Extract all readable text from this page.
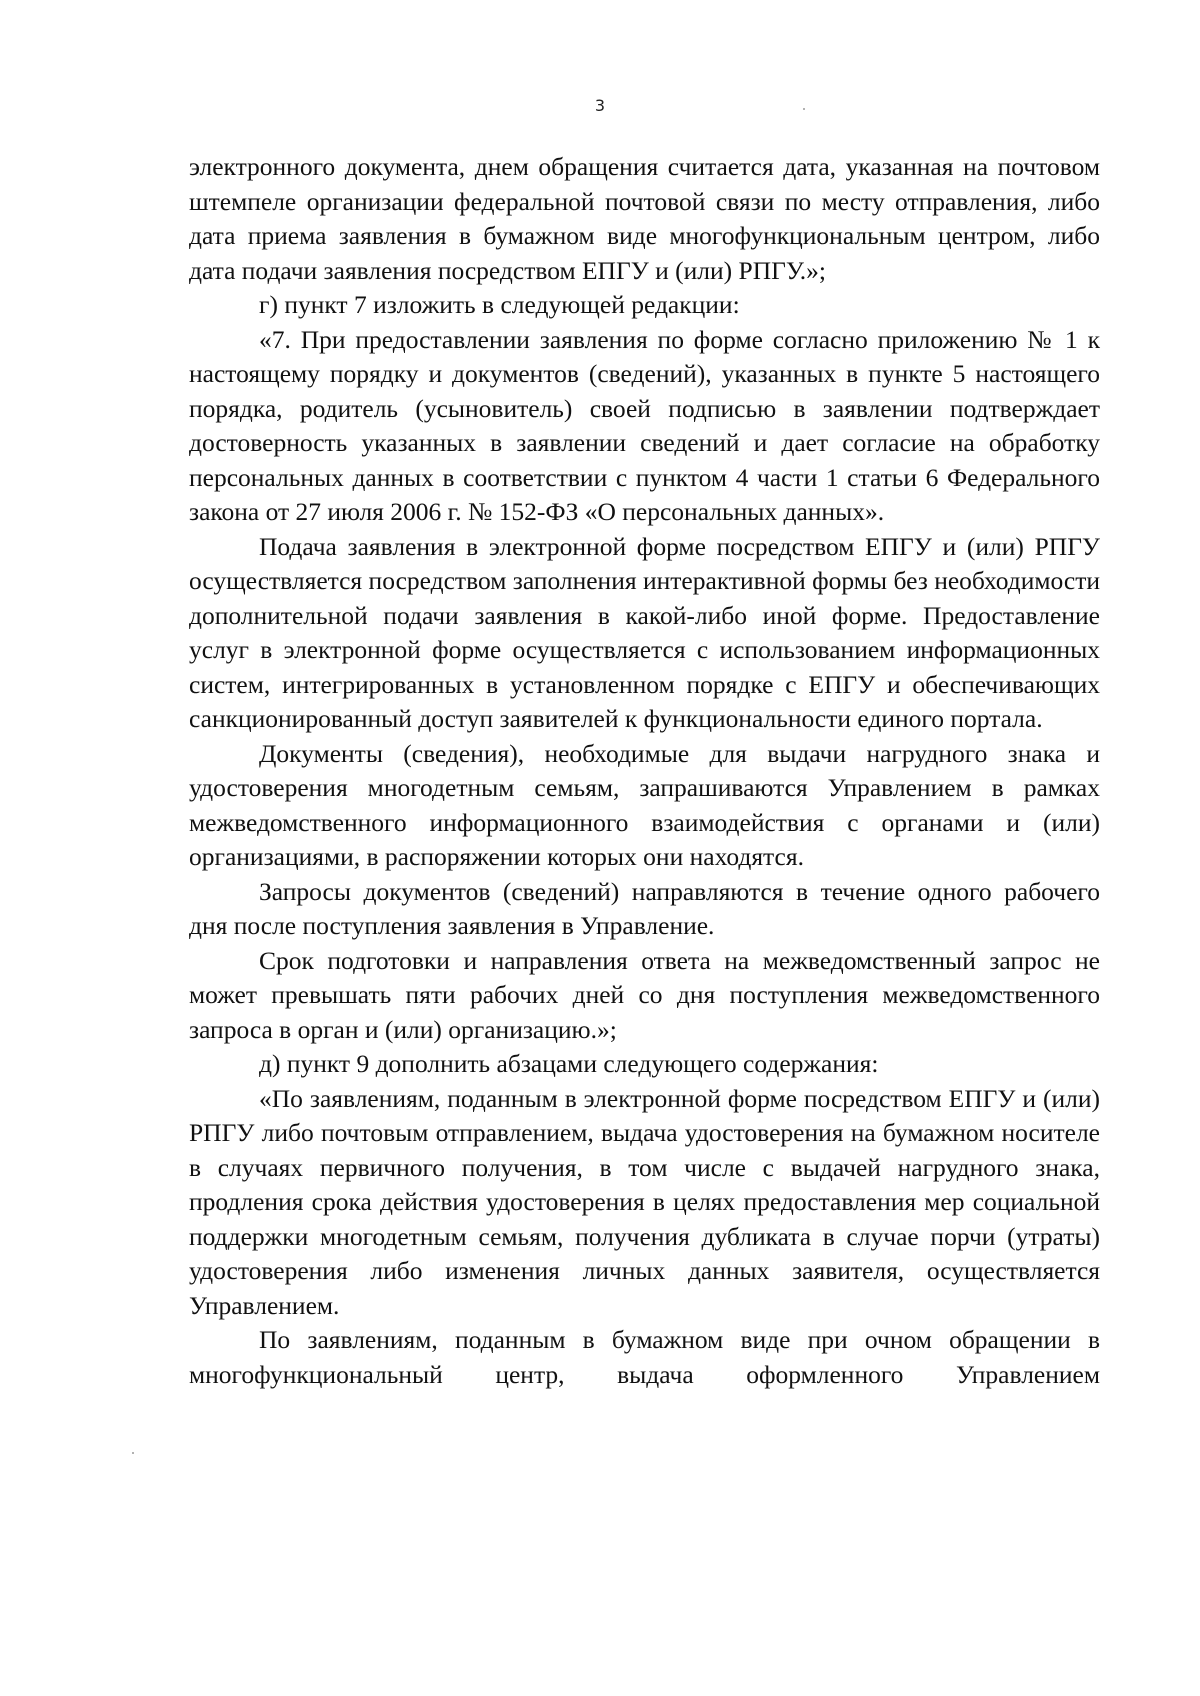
3

электронного документа, днем обращения считается дата, указанная на почтовом штемпеле организации федеральной почтовой связи по месту отправления, либо дата приема заявления в бумажном виде многофункциональным центром, либо дата подачи заявления посредством ЕПГУ и (или) РПГУ.»;

г) пункт 7 изложить в следующей редакции:

«7. При предоставлении заявления по форме согласно приложению № 1 к настоящему порядку и документов (сведений), указанных в пункте 5 настоящего порядка, родитель (усыновитель) своей подписью в заявлении подтверждает достоверность указанных в заявлении сведений и дает согласие на обработку персональных данных в соответствии с пунктом 4 части 1 статьи 6 Федерального закона от 27 июля 2006 г. № 152-ФЗ «О персональных данных».

Подача заявления в электронной форме посредством ЕПГУ и (или) РПГУ осуществляется посредством заполнения интерактивной формы без необходимости дополнительной подачи заявления в какой-либо иной форме. Предоставление услуг в электронной форме осуществляется с использованием информационных систем, интегрированных в установленном порядке с ЕПГУ и обеспечивающих санкционированный доступ заявителей к функциональности единого портала.

Документы (сведения), необходимые для выдачи нагрудного знака и удостоверения многодетным семьям, запрашиваются Управлением в рамках межведомственного информационного взаимодействия с органами и (или) организациями, в распоряжении которых они находятся.

Запросы документов (сведений) направляются в течение одного рабочего дня после поступления заявления в Управление.

Срок подготовки и направления ответа на межведомственный запрос не может превышать пяти рабочих дней со дня поступления межведомственного запроса в орган и (или) организацию.»;

д) пункт 9 дополнить абзацами следующего содержания:

«По заявлениям, поданным в электронной форме посредством ЕПГУ и (или) РПГУ либо почтовым отправлением, выдача удостоверения на бумажном носителе в случаях первичного получения, в том числе с выдачей нагрудного знака, продления срока действия удостоверения в целях предоставления мер социальной поддержки многодетным семьям, получения дубликата в случае порчи (утраты) удостоверения либо изменения личных данных заявителя, осуществляется Управлением.

По заявлениям, поданным в бумажном виде при очном обращении в многофункциональный центр, выдача оформленного Управлением
